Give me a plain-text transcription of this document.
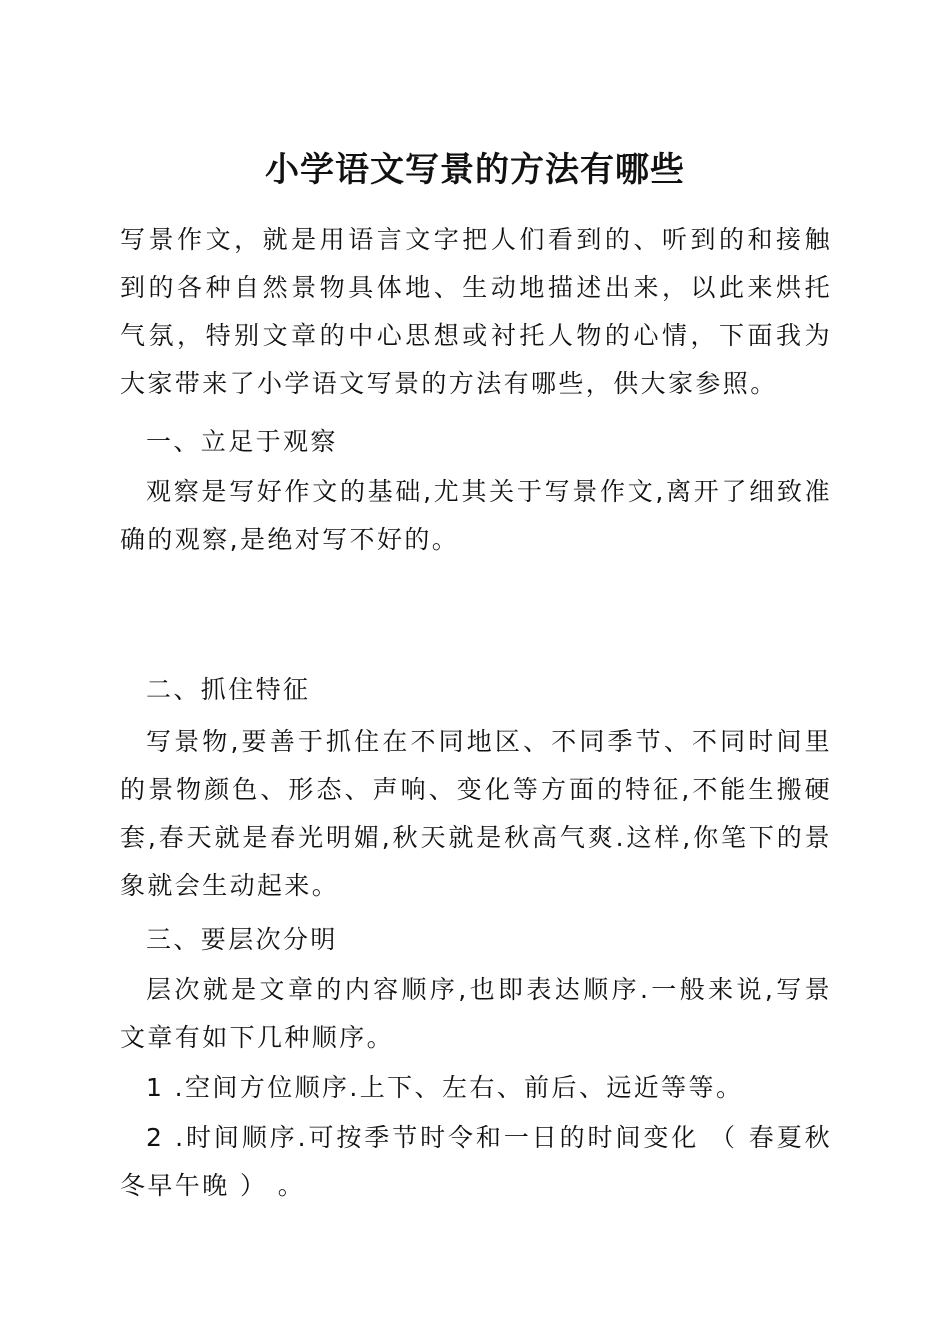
小学语文写景的方法有哪些

写景作文，就是用语言文字把人们看到的、听到的和接触到的各种自然景物具体地、生动地描述出来，以此来烘托气氛，特别文章的中心思想或衬托人物的心情，下面我为大家带来了小学语文写景的方法有哪些，供大家参照。

一、立足于观察

观察是写好作文的基础,尤其关于写景作文,离开了细致准确的观察,是绝对写不好的。

二、抓住特征

写景物,要善于抓住在不同地区、不同季节、不同时间里的景物颜色、形态、声响、变化等方面的特征,不能生搬硬套,春天就是春光明媚,秋天就是秋高气爽.这样,你笔下的景象就会生动起来。

三、要层次分明

层次就是文章的内容顺序,也即表达顺序.一般来说,写景文章有如下几种顺序。

1 .空间方位顺序.上下、左右、前后、远近等等。

2 .时间顺序.可按季节时令和一日的时间变化 （ 春夏秋冬早午晚 ） 。
